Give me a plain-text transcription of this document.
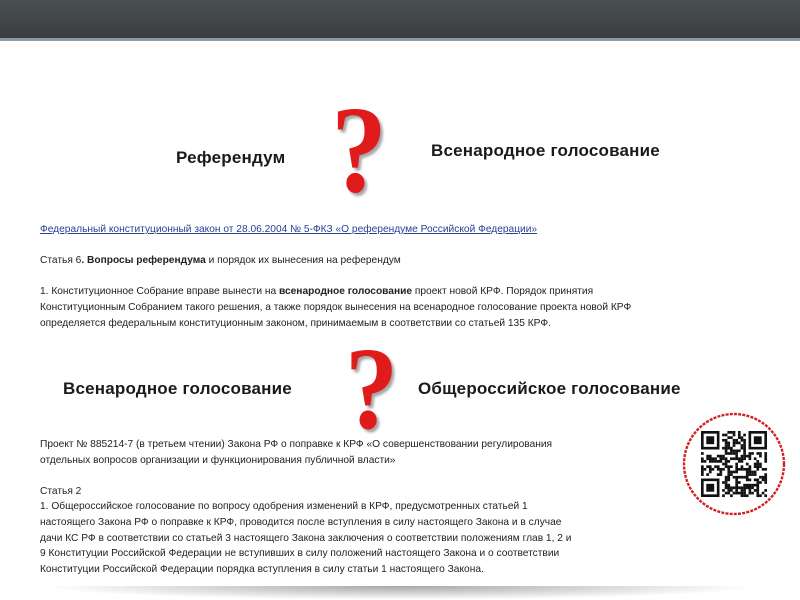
Референдум ?	Всенародное голосование

Федеральный конституционный закон от 28.06.2004 № 5-ФКЗ «О референдуме Российской Федерации»

Статья 6. Вопросы референдума и порядок их вынесения на референдум

1. Конституционное Собрание вправе вынести на всенародное голосование проект новой КРФ. Порядок принятия
Конституционным Собранием такого решения, а также порядок вынесения на всенародное голосование проекта новой КРФ
определяется федеральным конституционным законом, принимаемым в соответствии со статьей 135 КРФ.

Всенародное голосование ? Общероссийское голосование

Проект № 885214-7 (в третьем чтении) Закона РФ о поправке к КРФ «О совершенствовании регулирования
отдельных вопросов организации и функционирования публичной власти»

Статья 2

1. Общероссийское голосование по вопросу одобрения изменений в КРФ, предусмотренных статьей 1
настоящего Закона РФ о поправке к КРФ, проводится после вступления в силу настоящего Закона и в случае
дачи КС РФ в соответствии со статьей 3 настоящего Закона заключения о соответствии положениям глав 1, 2 и
9 Конституции Российской Федерации не вступивших в силу положений настоящего Закона и о соответствии
Конституции Российской Федерации порядка вступления в силу статьи 1 настоящего Закона.
